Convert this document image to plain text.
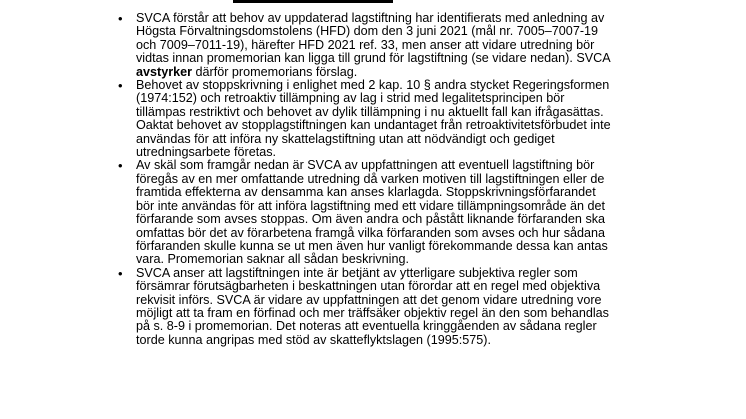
• SVCA förstår att behov av uppdaterad lagstiftning har identifierats med anledning av
Högsta Förvaltningsdomstolens (HFD) dom den 3 juni 2021 (mål nr. 7005–7007-19
och 7009–7011-19), härefter HFD 2021 ref. 33, men anser att vidare utredning bör
vidtas innan promemorian kan ligga till grund för lagstiftning (se vidare nedan). SVCA
avstyrker därför promemorians förslag.
• Behovet av stoppskrivning i enlighet med 2 kap. 10 § andra stycket Regeringsformen
(1974:152) och retroaktiv tillämpning av lag i strid med legalitetsprincipen bör
tillämpas restriktivt och behovet av dylik tillämpning i nu aktuellt fall kan ifrågasättas.
Oaktat behovet av stopplagstiftningen kan undantaget från retroaktivitetsförbudet inte
användas för att införa ny skattelagstiftning utan att nödvändigt och gediget
utredningsarbete företas.
• Av skäl som framgår nedan är SVCA av uppfattningen att eventuell lagstiftning bör
föregås av en mer omfattande utredning då varken motiven till lagstiftningen eller de
framtida effekterna av densamma kan anses klarlagda. Stoppskrivningsförfarandet
bör inte användas för att införa lagstiftning med ett vidare tillämpningsområde än det
förfarande som avses stoppas. Om även andra och påstått liknande förfaranden ska
omfattas bör det av förarbetena framgå vilka förfaranden som avses och hur sådana
förfaranden skulle kunna se ut men även hur vanligt förekommande dessa kan antas
vara. Promemorian saknar all sådan beskrivning.
• SVCA anser att lagstiftningen inte är betjänt av ytterligare subjektiva regler som
försämrar förutsägbarheten i beskattningen utan förordar att en regel med objektiva
rekvisit införs. SVCA är vidare av uppfattningen att det genom vidare utredning vore
möjligt att ta fram en förfinad och mer träffsäker objektiv regel än den som behandlas
på s. 8-9 i promemorian. Det noteras att eventuella kringgåenden av sådana regler
torde kunna angripas med stöd av skatteflyktslagen (1995:575).
